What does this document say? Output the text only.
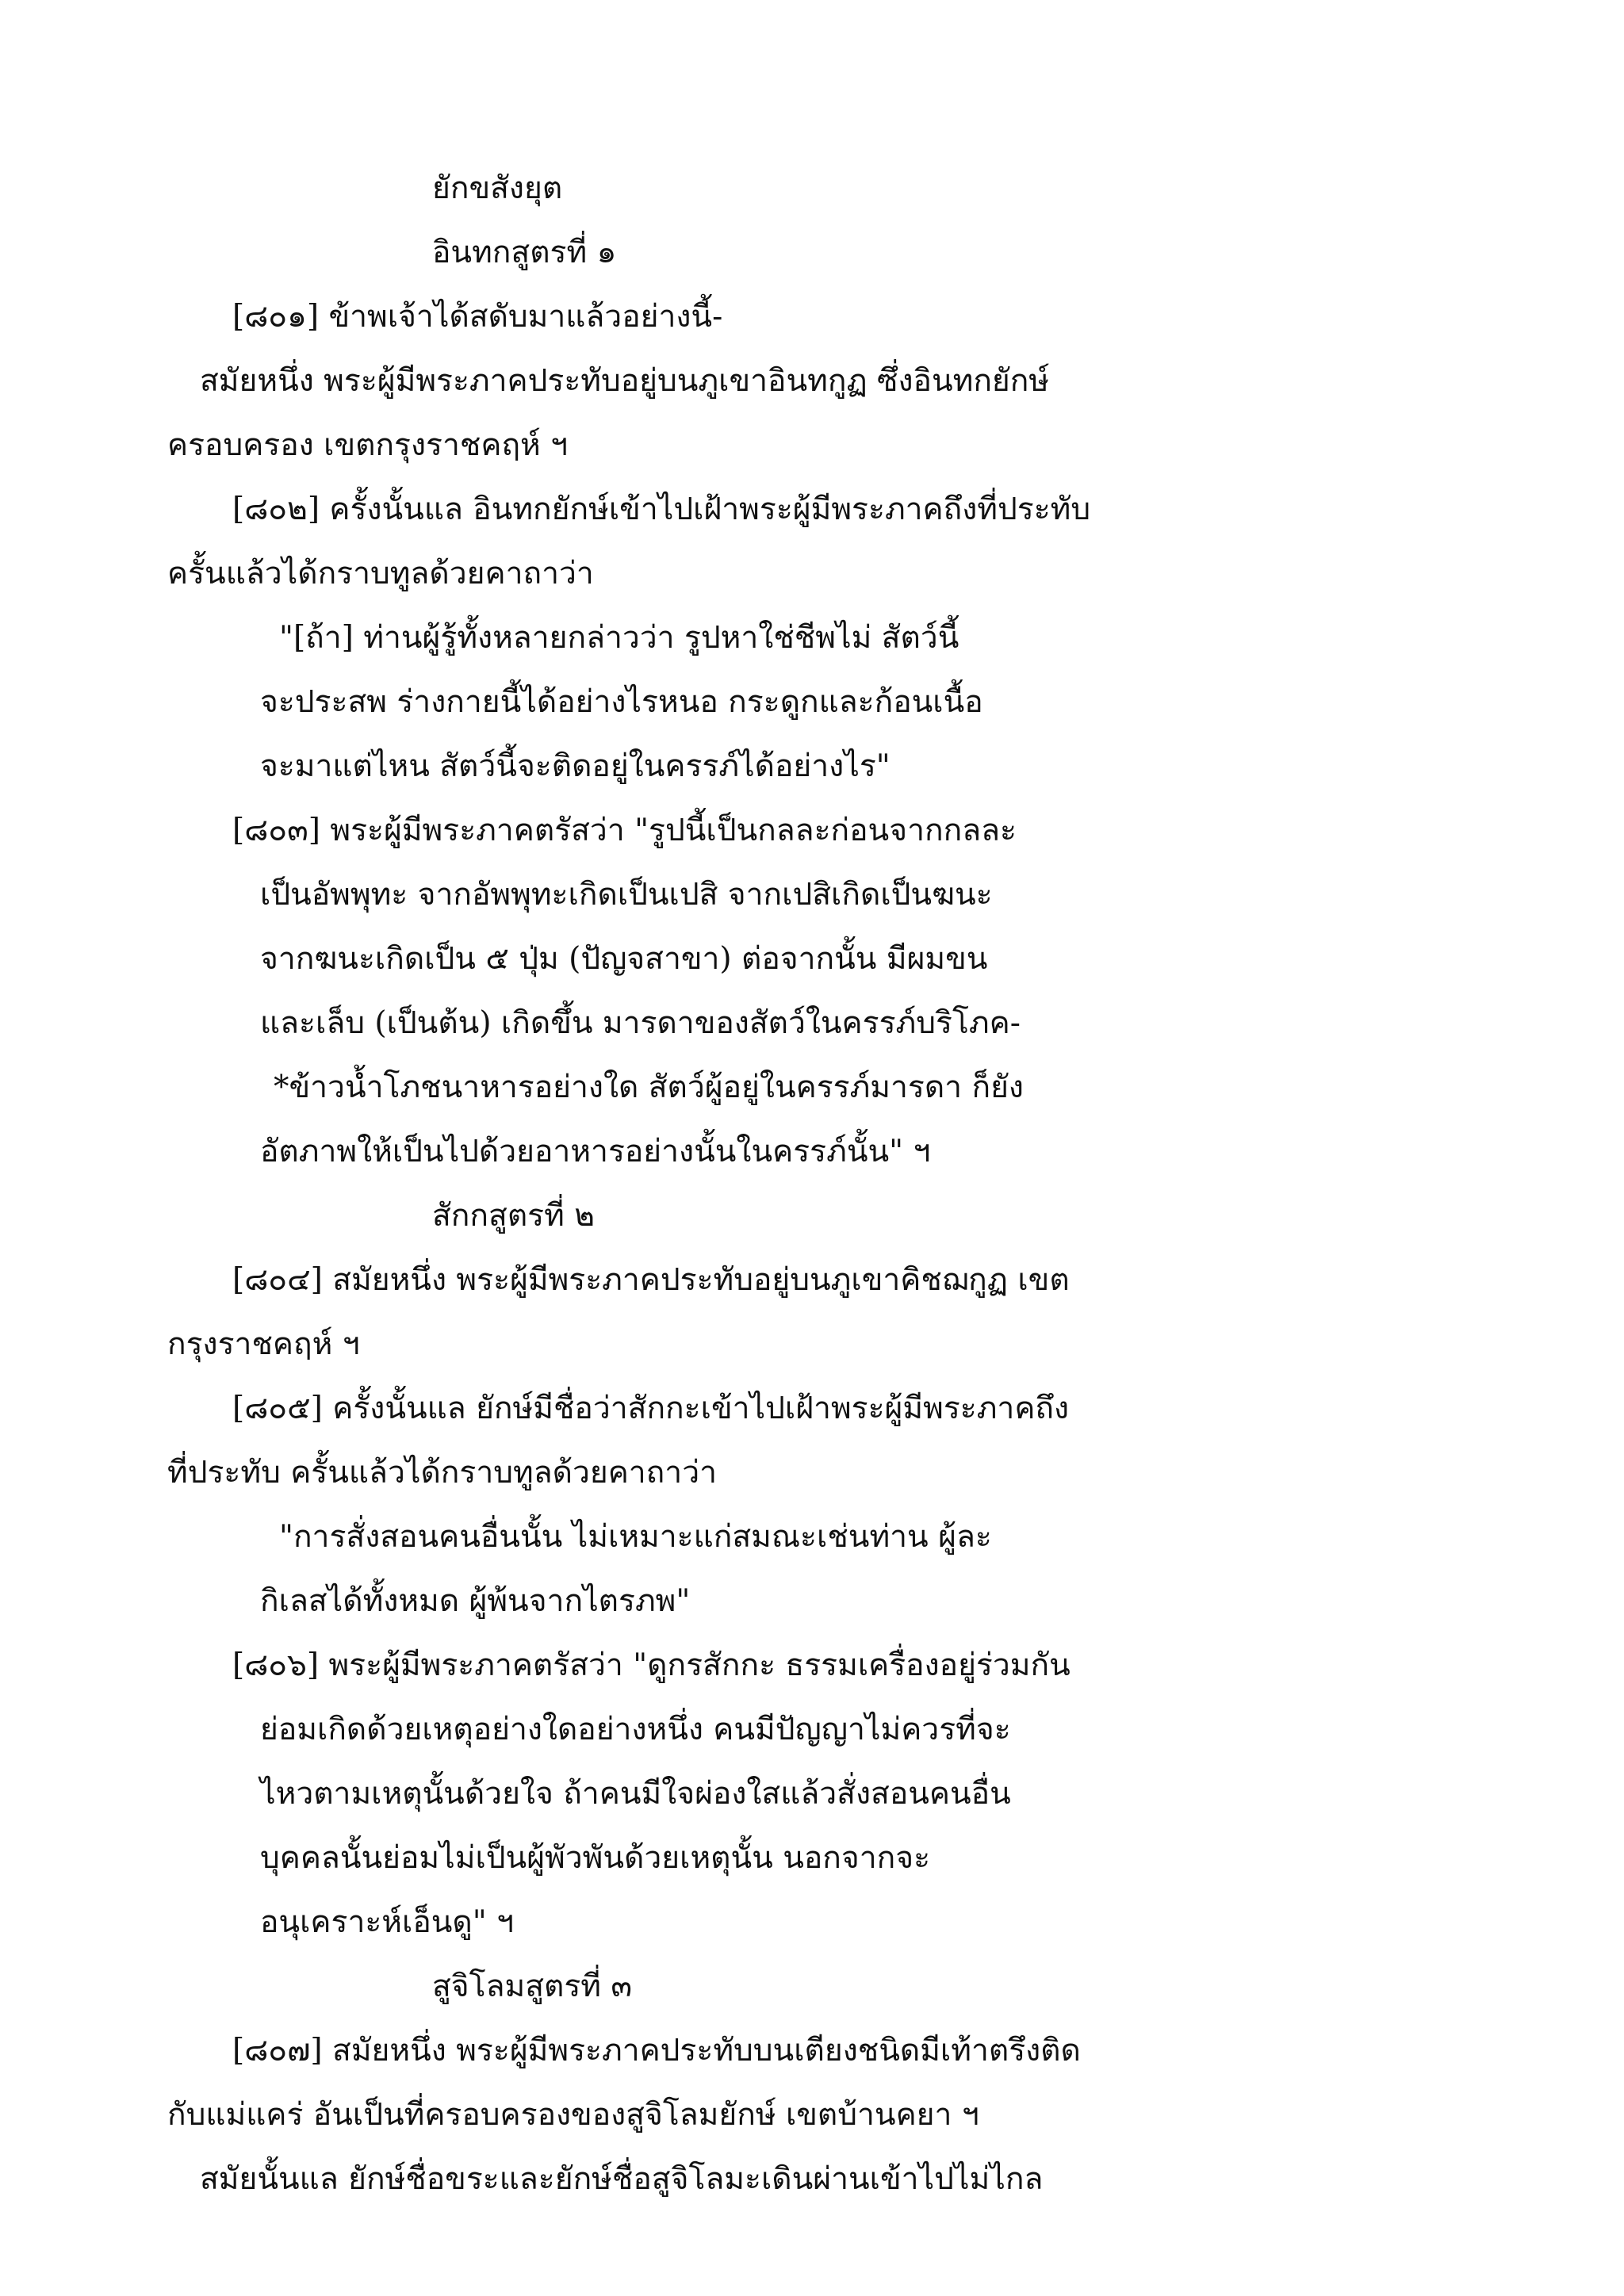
ยักขสังยุต
อินทกสูตรที่ ๑
[๘๐๑] ข้าพเจ้าได้สดับมาแล้วอย่างนี้-
สมัยหนึ่ง พระผู้มีพระภาคประทับอยู่บนภูเขาอินทกูฏ ซึ่งอินทกยักษ์
ครอบครอง เขตกรุงราชคฤห์ ฯ
[๘๐๒] ครั้งนั้นแล อินทกยักษ์เข้าไปเฝ้าพระผู้มีพระภาคถึงที่ประทับ
ครั้นแล้วได้กราบทูลด้วยคาถาว่า
"[ถ้า] ท่านผู้รู้ทั้งหลายกล่าวว่า รูปหาใช่ชีพไม่ สัตว์นี้
จะประสพ ร่างกายนี้ได้อย่างไรหนอ กระดูกและก้อนเนื้อ
จะมาแต่ไหน สัตว์นี้จะติดอยู่ในครรภ์ได้อย่างไร"
[๘๐๓] พระผู้มีพระภาคตรัสว่า "รูปนี้เป็นกลละก่อนจากกลละ
เป็นอัพพุทะ จากอัพพุทะเกิดเป็นเปสิ จากเปสิเกิดเป็นฆนะ
จากฆนะเกิดเป็น ๕ ปุ่ม (ปัญจสาขา) ต่อจากนั้น มีผมขน
และเล็บ (เป็นต้น) เกิดขึ้น มารดาของสัตว์ในครรภ์บริโภค-
*ข้าวน้ำโภชนาหารอย่างใด สัตว์ผู้อยู่ในครรภ์มารดา ก็ยัง
อัตภาพให้เป็นไปด้วยอาหารอย่างนั้นในครรภ์นั้น" ฯ
สักกสูตรที่ ๒
[๘๐๔] สมัยหนึ่ง พระผู้มีพระภาคประทับอยู่บนภูเขาคิชฌกูฏ เขต
กรุงราชคฤห์ ฯ
[๘๐๕] ครั้งนั้นแล ยักษ์มีชื่อว่าสักกะเข้าไปเฝ้าพระผู้มีพระภาคถึง
ที่ประทับ ครั้นแล้วได้กราบทูลด้วยคาถาว่า
"การสั่งสอนคนอื่นนั้น ไม่เหมาะแก่สมณะเช่นท่าน ผู้ละ
กิเลสได้ทั้งหมด ผู้พ้นจากไตรภพ"
[๘๐๖] พระผู้มีพระภาคตรัสว่า "ดูกรสักกะ ธรรมเครื่องอยู่ร่วมกัน
ย่อมเกิดด้วยเหตุอย่างใดอย่างหนึ่ง คนมีปัญญาไม่ควรที่จะ
ไหวตามเหตุนั้นด้วยใจ ถ้าคนมีใจผ่องใสแล้วสั่งสอนคนอื่น
บุคคลนั้นย่อมไม่เป็นผู้พัวพันด้วยเหตุนั้น นอกจากจะ
อนุเคราะห์เอ็นดู" ฯ
สูจิโลมสูตรที่ ๓
[๘๐๗] สมัยหนึ่ง พระผู้มีพระภาคประทับบนเตียงชนิดมีเท้าตรึงติด
กับแม่แคร่ อันเป็นที่ครอบครองของสูจิโลมยักษ์ เขตบ้านคยา ฯ
สมัยนั้นแล ยักษ์ชื่อขระและยักษ์ชื่อสูจิโลมะเดินผ่านเข้าไปไม่ไกล
